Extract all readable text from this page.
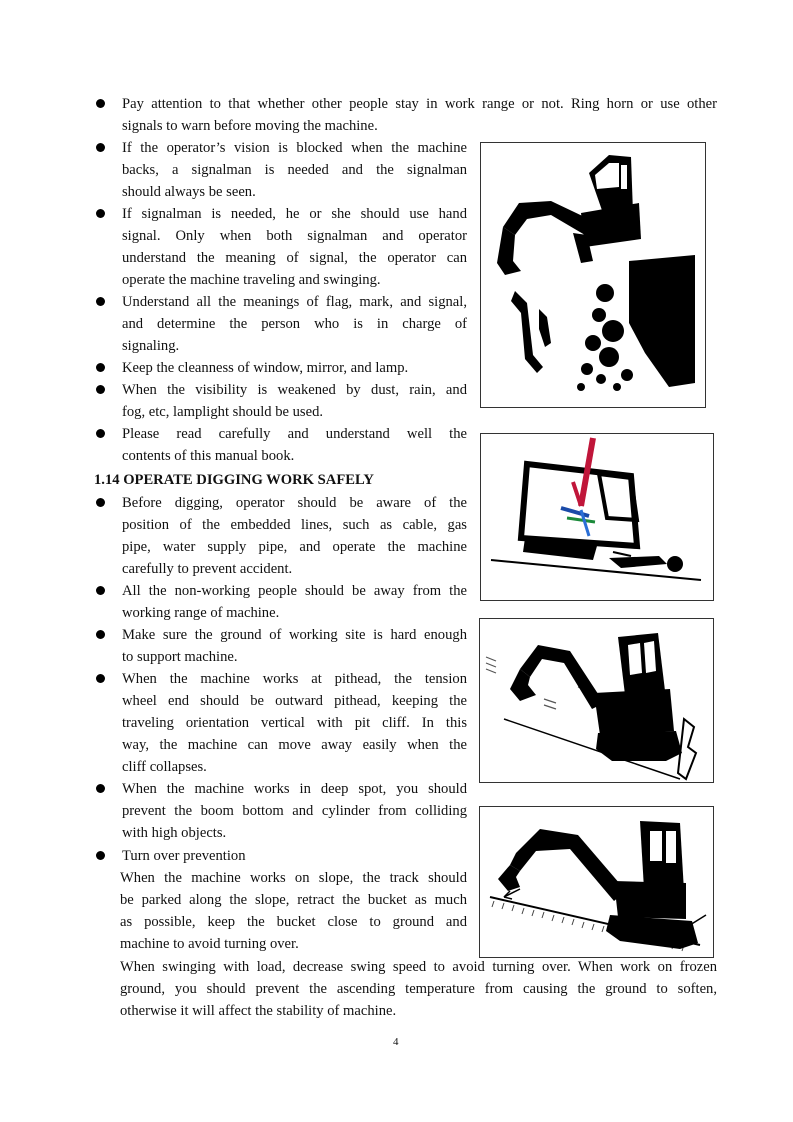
Pay attention to that whether other people stay in work range or not. Ring horn or use other
signals to warn before moving the machine.
If the operator’s vision is blocked when the machine
backs, a signalman is needed and the signalman
should always be seen.
If signalman is needed, he or she should use hand
signal. Only when both signalman and operator
understand the meaning of signal, the operator can
operate the machine traveling and swinging.
Understand all the meanings of flag, mark, and signal,
and determine the person who is in charge of
signaling.
Keep the cleanness of window, mirror, and lamp.
When the visibility is weakened by dust, rain, and
fog, etc, lamplight should be used.
Please read carefully and understand well the
contents of this manual book.
1.14 OPERATE DIGGING WORK SAFELY
Before digging, operator should be aware of the
position of the embedded lines, such as cable, gas
pipe, water supply pipe, and operate the machine
carefully to prevent accident.
All the non-working people should be away from the
working range of machine.
Make sure the ground of working site is hard enough
to support machine.
When the machine works at pithead, the tension
wheel end should be outward pithead, keeping the
traveling orientation vertical with pit cliff. In this
way, the machine can move away easily when the
cliff collapses.
When the machine works in deep spot, you should
prevent the boom bottom and cylinder from colliding
with high objects.
Turn over prevention
When the machine works on slope, the track should
be parked along the slope, retract the bucket as much
as possible, keep the bucket close to ground and
machine to avoid turning over.
When swinging with load, decrease swing speed to avoid turning over. When work on frozen
ground, you should prevent the ascending temperature from causing the ground to soften,
otherwise it will affect the stability of machine.
4
